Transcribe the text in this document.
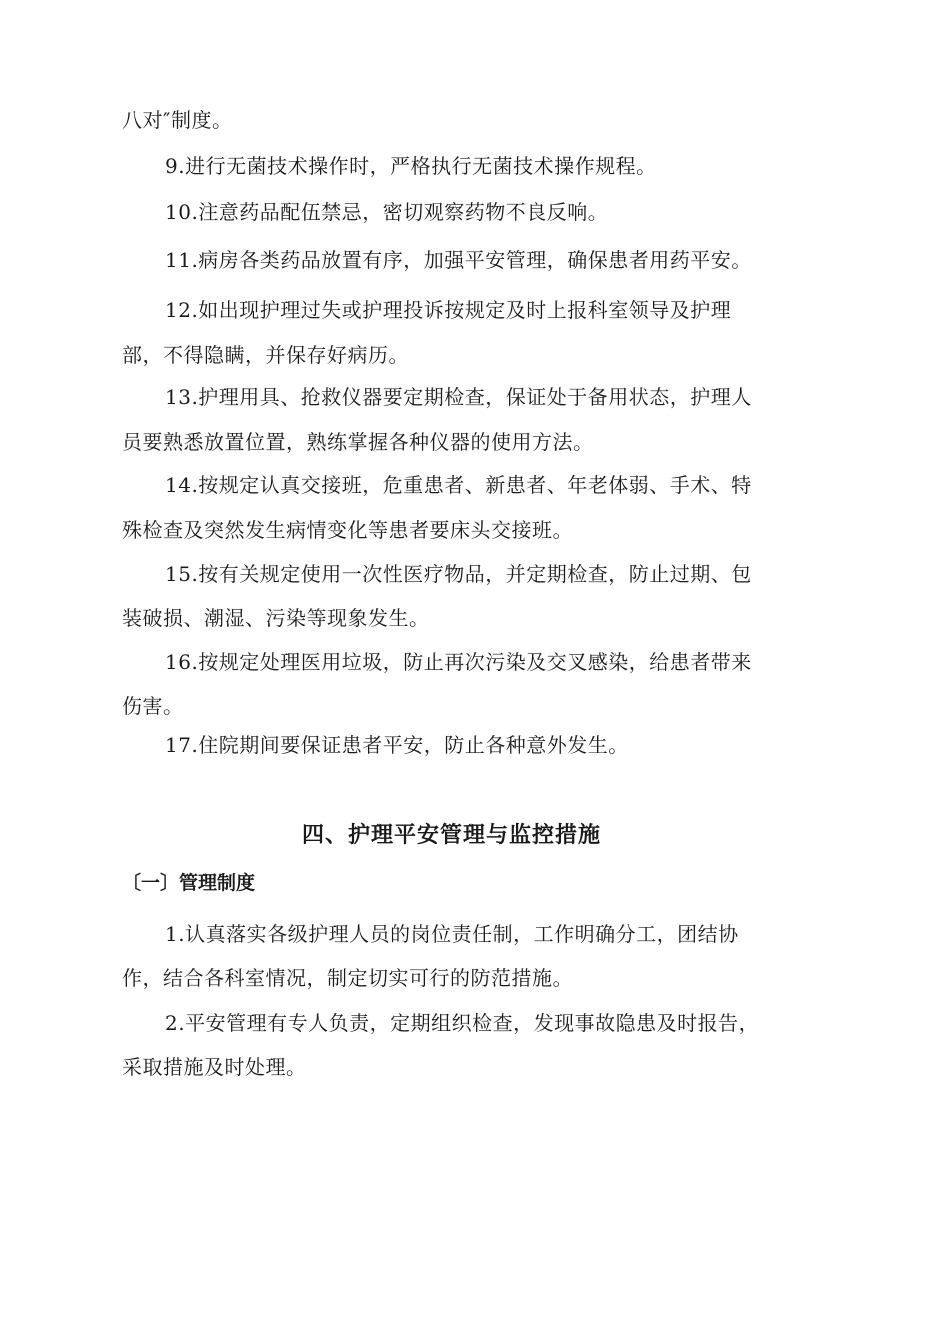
八对″制度。
9.进行无菌技术操作时，严格执行无菌技术操作规程。
10.注意药品配伍禁忌，密切观察药物不良反响。
11.病房各类药品放置有序，加强平安管理，确保患者用药平安。
12.如出现护理过失或护理投诉按规定及时上报科室领导及护理
部，不得隐瞒，并保存好病历。
13.护理用具、抢救仪器要定期检查，保证处于备用状态，护理人
员要熟悉放置位置，熟练掌握各种仪器的使用方法。
14.按规定认真交接班，危重患者、新患者、年老体弱、手术、特
殊检查及突然发生病情变化等患者要床头交接班。
15.按有关规定使用一次性医疗物品，并定期检查，防止过期、包
装破损、潮湿、污染等现象发生。
16.按规定处理医用垃圾，防止再次污染及交叉感染，给患者带来
伤害。
17.住院期间要保证患者平安，防止各种意外发生。
四、护理平安管理与监控措施
〔一〕管理制度
1.认真落实各级护理人员的岗位责任制，工作明确分工，团结协
作，结合各科室情况，制定切实可行的防范措施。
2.平安管理有专人负责，定期组织检查，发现事故隐患及时报告，
采取措施及时处理。
